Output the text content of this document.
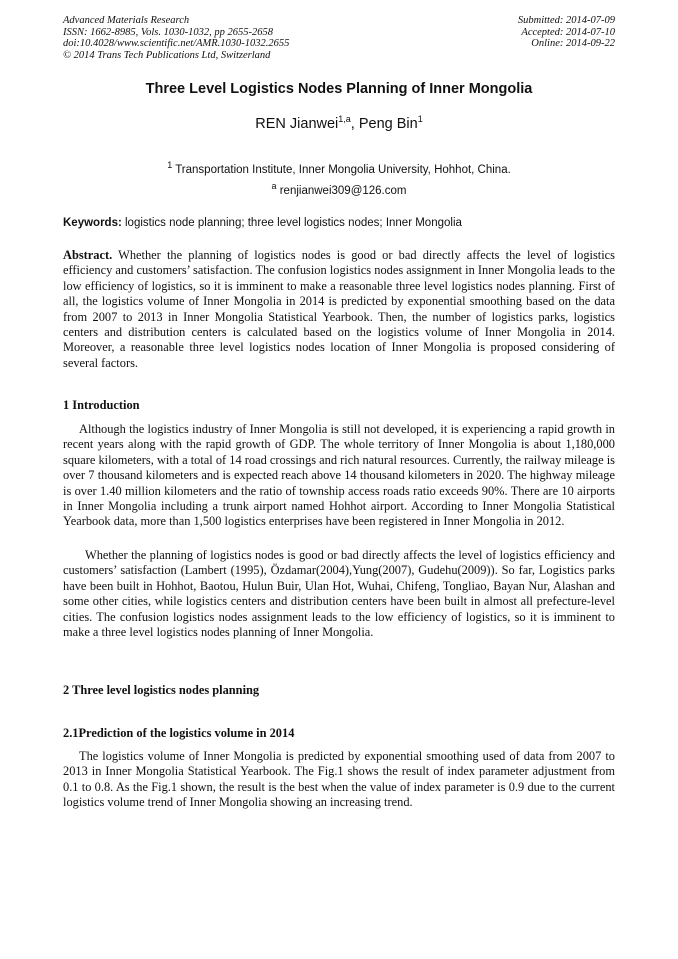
Advanced Materials Research
ISSN: 1662-8985, Vols. 1030-1032, pp 2655-2658
doi:10.4028/www.scientific.net/AMR.1030-1032.2655
© 2014 Trans Tech Publications Ltd, Switzerland
Submitted: 2014-07-09
Accepted: 2014-07-10
Online: 2014-09-22
Three Level Logistics Nodes Planning of Inner Mongolia
REN Jianwei$^{1,a}$, Peng Bin$^1$
$^1$ Transportation Institute, Inner Mongolia University, Hohhot, China.
$^a$ renjianwei309@126.com
Keywords: logistics node planning; three level logistics nodes; Inner Mongolia
Abstract. Whether the planning of logistics nodes is good or bad directly affects the level of logistics efficiency and customers’ satisfaction. The confusion logistics nodes assignment in Inner Mongolia leads to the low efficiency of logistics, so it is imminent to make a reasonable three level logistics nodes planning. First of all, the logistics volume of Inner Mongolia in 2014 is predicted by exponential smoothing based on the data from 2007 to 2013 in Inner Mongolia Statistical Yearbook. Then, the number of logistics parks, logistics centers and distribution centers is calculated based on the logistics volume of Inner Mongolia in 2014. Moreover, a reasonable three level logistics nodes location of Inner Mongolia is proposed considering of several factors.
1 Introduction
Although the logistics industry of Inner Mongolia is still not developed, it is experiencing a rapid growth in recent years along with the rapid growth of GDP. The whole territory of Inner Mongolia is about 1,180,000 square kilometers, with a total of 14 road crossings and rich natural resources. Currently, the railway mileage is over 7 thousand kilometers and is expected reach above 14 thousand kilometers in 2020. The highway mileage is over 1.40 million kilometers and the ratio of township access roads ratio exceeds 90%. There are 10 airports in Inner Mongolia including a trunk airport named Hohhot airport. According to Inner Mongolia Statistical Yearbook data, more than 1,500 logistics enterprises have been registered in Inner Mongolia in 2012.
Whether the planning of logistics nodes is good or bad directly affects the level of logistics efficiency and customers’ satisfaction (Lambert (1995), Özdamar(2004),Yung(2007), Gudehu(2009)). So far, Logistics parks have been built in Hohhot, Baotou, Hulun Buir, Ulan Hot, Wuhai, Chifeng, Tongliao, Bayan Nur, Alashan and some other cities, while logistics centers and distribution centers have been built in almost all prefecture-level cities. The confusion logistics nodes assignment leads to the low efficiency of logistics, so it is imminent to make a three level logistics nodes planning of Inner Mongolia.
2 Three level logistics nodes planning
2.1Prediction of the logistics volume in 2014
The logistics volume of Inner Mongolia is predicted by exponential smoothing used of data from 2007 to 2013 in Inner Mongolia Statistical Yearbook. The Fig.1 shows the result of index parameter adjustment from 0.1 to 0.8. As the Fig.1 shown, the result is the best when the value of index parameter is 0.9 due to the current logistics volume trend of Inner Mongolia showing an increasing trend.
